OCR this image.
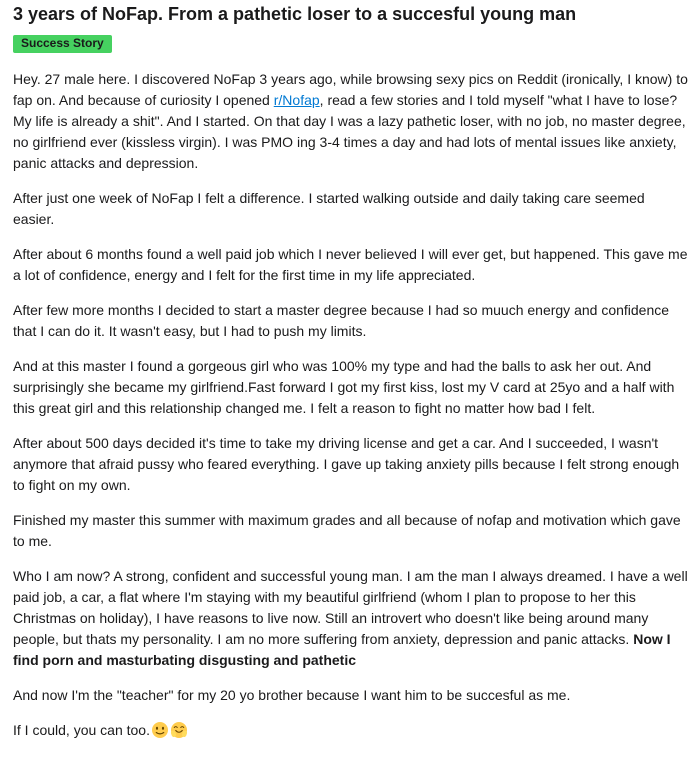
3 years of NoFap. From a pathetic loser to a succesful young man
Success Story

Hey. 27 male here. I discovered NoFap 3 years ago, while browsing sexy pics on Reddit (ironically, I know) to fap on. And because of curiosity I opened r/Nofap, read a few stories and I told myself "what I have to lose? My life is already a shit". And I started. On that day I was a lazy pathetic loser, with no job, no master degree, no girlfriend ever (kissless virgin). I was PMO ing 3-4 times a day and had lots of mental issues like anxiety, panic attacks and depression.

After just one week of NoFap I felt a difference. I started walking outside and daily taking care seemed easier.

After about 6 months found a well paid job which I never believed I will ever get, but happened. This gave me a lot of confidence, energy and I felt for the first time in my life appreciated.

After few more months I decided to start a master degree because I had so muuch energy and confidence that I can do it. It wasn't easy, but I had to push my limits.

And at this master I found a gorgeous girl who was 100% my type and had the balls to ask her out. And surprisingly she became my girlfriend.Fast forward I got my first kiss, lost my V card at 25yo and a half with this great girl and this relationship changed me. I felt a reason to fight no matter how bad I felt.

After about 500 days decided it's time to take my driving license and get a car. And I succeeded, I wasn't anymore that afraid pussy who feared everything. I gave up taking anxiety pills because I felt strong enough to fight on my own.

Finished my master this summer with maximum grades and all because of nofap and motivation which gave to me.

Who I am now? A strong, confident and successful young man. I am the man I always dreamed. I have a well paid job, a car, a flat where I'm staying with my beautiful girlfriend (whom I plan to propose to her this Christmas on holiday), I have reasons to live now. Still an introvert who doesn't like being around many people, but thats my personality. I am no more suffering from anxiety, depression and panic attacks. Now I find porn and masturbating disgusting and pathetic

And now I'm the "teacher" for my 20 yo brother because I want him to be succesful as me.

If I could, you can too.
